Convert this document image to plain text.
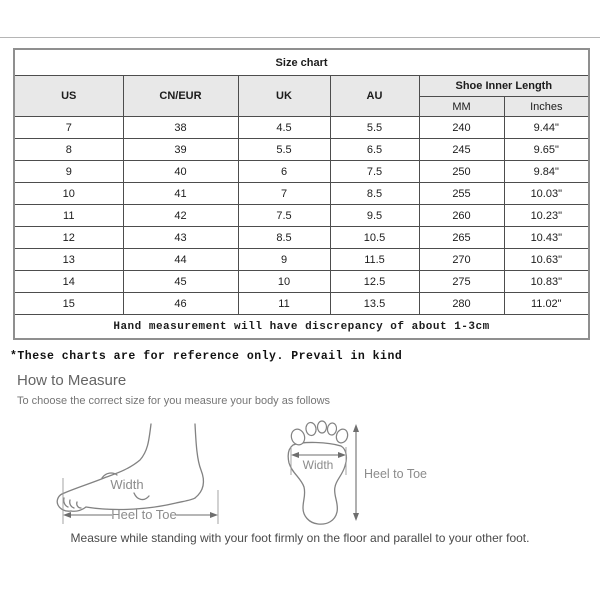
Size chart					
US	CN/EUR	UK	AU	Shoe Inner Length	
				MM	Inches
7	38	4.5	5.5	240	9.44"
8	39	5.5	6.5	245	9.65"
9	40	6	7.5	250	9.84"
10	41	7	8.5	255	10.03"
11	42	7.5	9.5	260	10.23"
12	43	8.5	10.5	265	10.43"
13	44	9	11.5	270	10.63"
14	45	10	12.5	275	10.83"
15	46	11	13.5	280	11.02"
Hand measurement will have discrepancy of about 1-3cm					
*These charts are for reference only. Prevail in kind
How to Measure
To choose the correct size for you measure your body as follows
Width
Heel to Toe
Width
Heel to Toe
Measure while standing with your foot firmly on the floor and parallel to your other foot.
